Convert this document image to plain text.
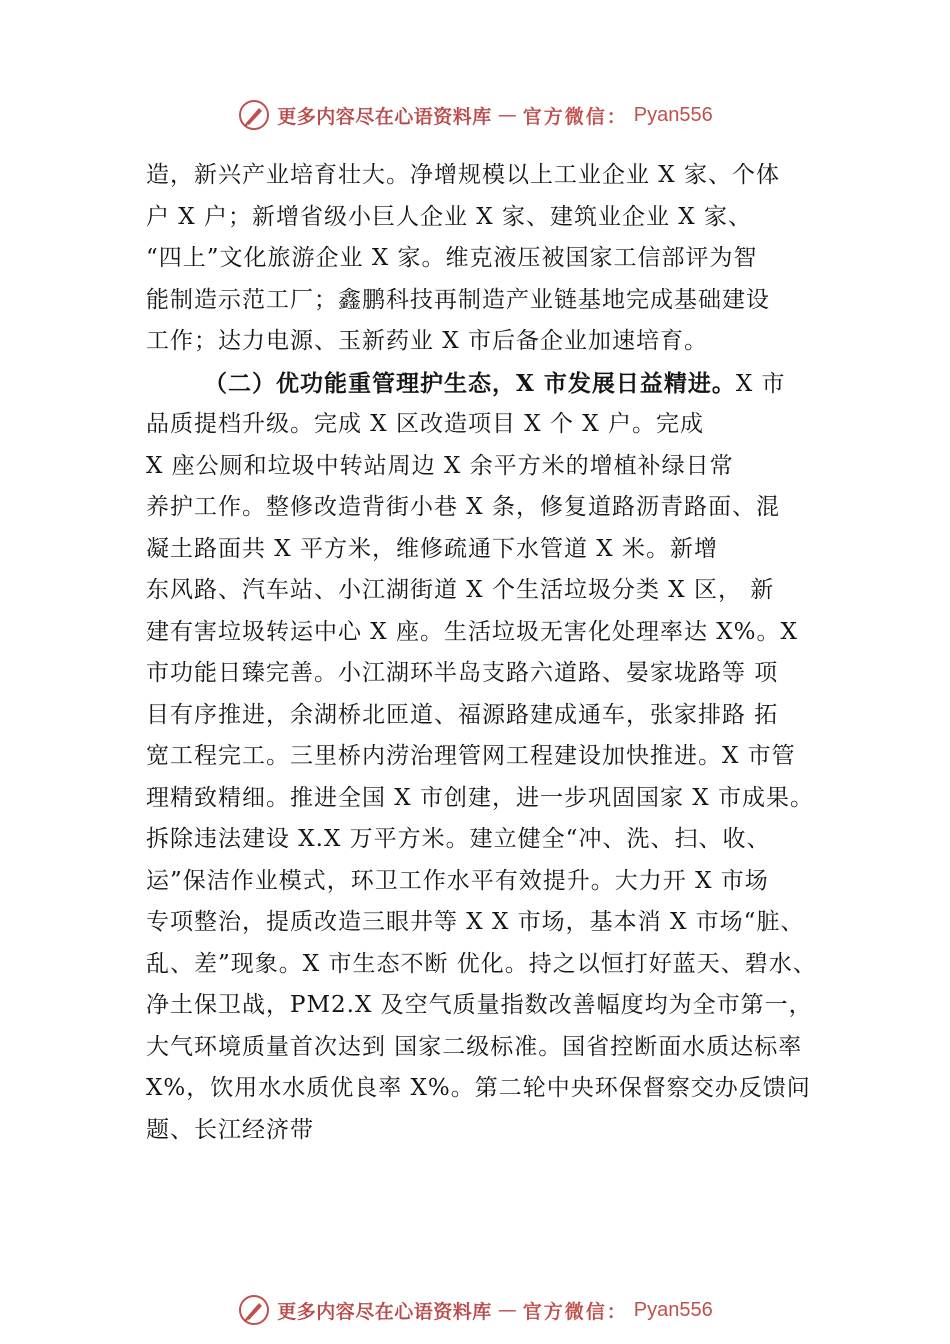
更多内容尽在心语资料库 — 官方微信： Pyan556
造，新兴产业培育壮大。净增规模以上工业企业 X 家、个体
户 X 户；新增省级小巨人企业 X 家、建筑业企业 X 家、
“四上”文化旅游企业 X 家。维克液压被国家工信部评为智
能制造示范工厂；鑫鹏科技再制造产业链基地完成基础建设
工作；达力电源、玉新药业 X 市后备企业加速培育。
（二）优功能重管理护生态，X 市发展日益精进。X 市
品质提档升级。完成 X 区改造项目 X 个 X 户。完成
X 座公厕和垃圾中转站周边 X 余平方米的增植补绿日常
养护工作。整修改造背街小巷 X 条，修复道路沥青路面、混
凝土路面共 X 平方米，维修疏通下水管道 X 米。新增
东风路、汽车站、小江湖街道 X 个生活垃圾分类 X 区， 新
建有害垃圾转运中心 X 座。生活垃圾无害化处理率达 X%。X
市功能日臻完善。小江湖环半岛支路六道路、晏家垅路等 项
目有序推进，余湖桥北匝道、福源路建成通车，张家排路 拓
宽工程完工。三里桥内涝治理管网工程建设加快推进。X 市管
理精致精细。推进全国 X 市创建，进一步巩固国家 X 市成果。
拆除违法建设 X.X 万平方米。建立健全“冲、洗、扫、收、
运”保洁作业模式，环卫工作水平有效提升。大力开 X 市场
专项整治，提质改造三眼井等 X X 市场，基本消 X 市场“脏、
乱、差”现象。X 市生态不断 优化。持之以恒打好蓝天、碧水、
净土保卫战，PM2.X 及空气质量指数改善幅度均为全市第一，
大气环境质量首次达到 国家二级标准。国省控断面水质达标率
X%，饮用水水质优良率 X%。第二轮中央环保督察交办反馈问
题、长江经济带
更多内容尽在心语资料库 — 官方微信： Pyan556
